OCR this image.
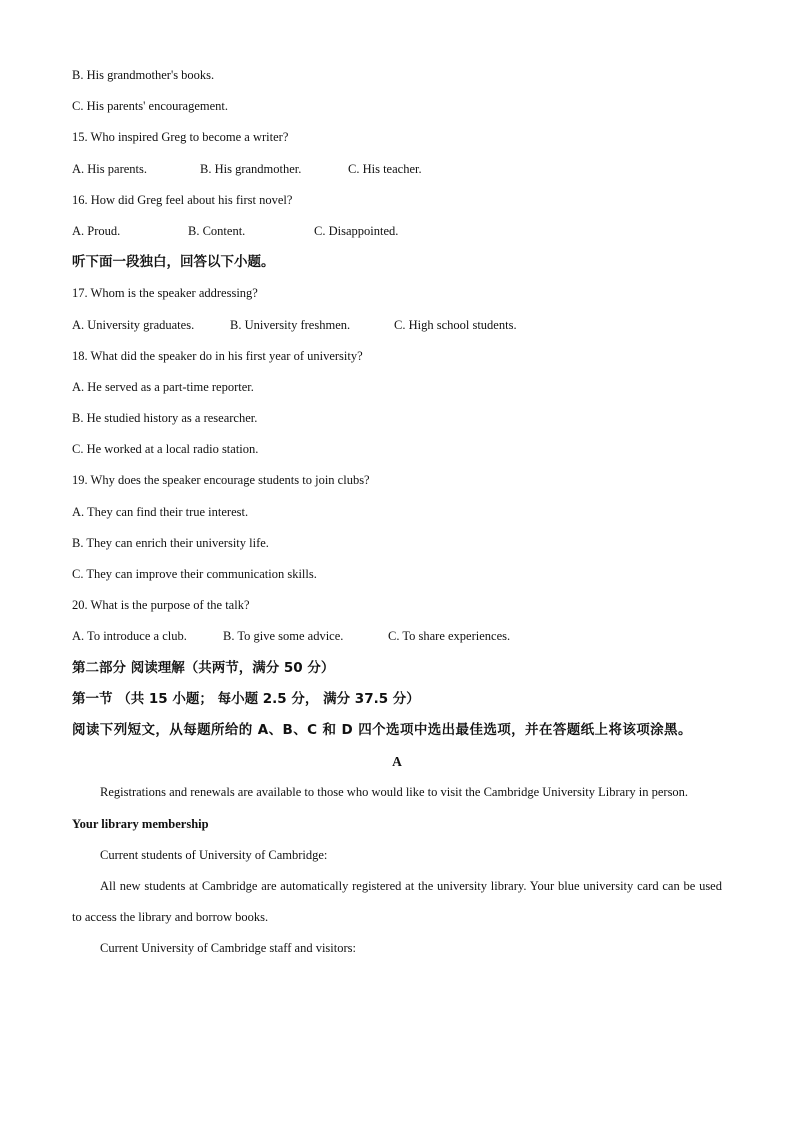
B. His grandmother's books.
C. His parents' encouragement.
15. Who inspired Greg to become a writer?
A. His parents.	B. His grandmother.	C. His teacher.
16. How did Greg feel about his first novel?
A. Proud.	B. Content.	C. Disappointed.
听下面一段独白，回答以下小题。
17. Whom is the speaker addressing?
A. University graduates.	B. University freshmen.	C. High school students.
18. What did the speaker do in his first year of university?
A. He served as a part-time reporter.
B. He studied history as a researcher.
C. He worked at a local radio station.
19. Why does the speaker encourage students to join clubs?
A. They can find their true interest.
B. They can enrich their university life.
C. They can improve their communication skills.
20. What is the purpose of the talk?
A. To introduce a club.	B. To give some advice.	C. To share experiences.
第二部分 阅读理解（共两节，满分 50 分）
第一节 （共 15 小题； 每小题 2.5 分， 满分 37.5 分）
阅读下列短文，从每题所给的 A、B、C 和 D 四个选项中选出最佳选项，并在答题纸上将该项涂黑。
A
Registrations and renewals are available to those who would like to visit the Cambridge University Library in person.
Your library membership
Current students of University of Cambridge:
All new students at Cambridge are automatically registered at the university library. Your blue university card can be used to access the library and borrow books.
Current University of Cambridge staff and visitors:
